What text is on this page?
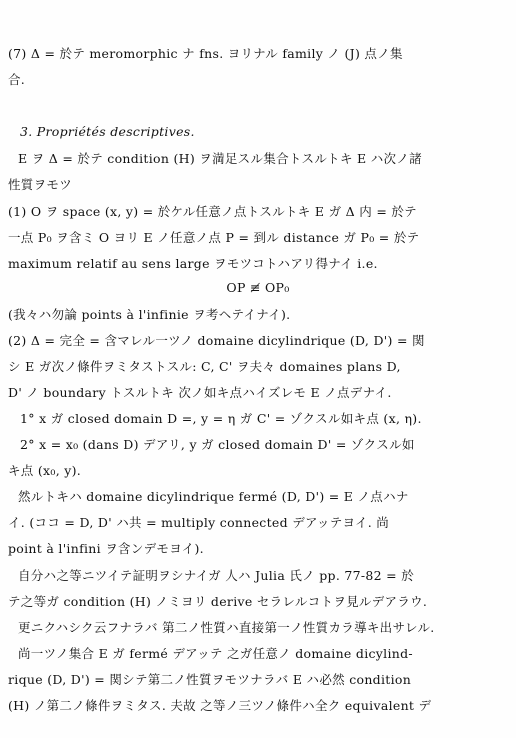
(7) Δ = 於テ meromorphic ナ fns. ヨリナル family ノ (J) 点ノ集
合.
3. Propriétés descriptives.
E ヲ Δ = 於テ condition (H) ヲ満足スル集合トスルトキ E ハ次ノ諸
性質ヲモツ
(1) O ヲ space (x, y) = 於ケル任意ノ点トスルトキ E ガ Δ 内 = 於テ
一点 P₀ ヲ含ミ O ヨリ E ノ任意ノ点 P = 到ル distance ガ P₀ = 於テ
maximum relatif au sens large ヲモツコトハアリ得ナイ i.e.
OP ≢ OP₀
(我々ハ勿論 points à l'infinie ヲ考ヘテイナイ).
(2) Δ = 完全 = 含マレル一ツノ domaine dicylindrique (D, D') = 関
シ E ガ次ノ條件ヲミタストスル: C, C' ヲ夫々 domaines plans D,
D' ノ boundary トスルトキ 次ノ如キ点ハイズレモ E ノ点デナイ.
1° x ガ closed domain D =, y = η ガ C' = ゾクスル如キ点 (x, η).
2° x = x₀ (dans D) デアリ, y ガ closed domain D' = ゾクスル如
キ点 (x₀, y).
然ルトキハ domaine dicylindrique fermé (D, D') = E ノ点ハナ
イ. (ココ = D, D' ハ共 = multiply connected デアッテヨイ. 尚
point à l'infini ヲ含ンデモヨイ).
自分ハ之等ニツイテ証明ヲシナイガ 人ハ Julia 氏ノ pp. 77-82 = 於
テ之等ガ condition (H) ノミヨリ derive セラレルコトヲ見ルデアラウ.
更ニクハシク云フナラバ 第二ノ性質ハ直接第一ノ性質カラ導キ出サレル.
尚一ツノ集合 E ガ fermé デアッテ 之ガ任意ノ domaine dicylind-
rique (D, D') = 関シテ第二ノ性質ヲモツナラバ E ハ必然 condition
(H) ノ第二ノ條件ヲミタス. 夫故 之等ノ三ツノ條件ハ全ク equivalent デ
